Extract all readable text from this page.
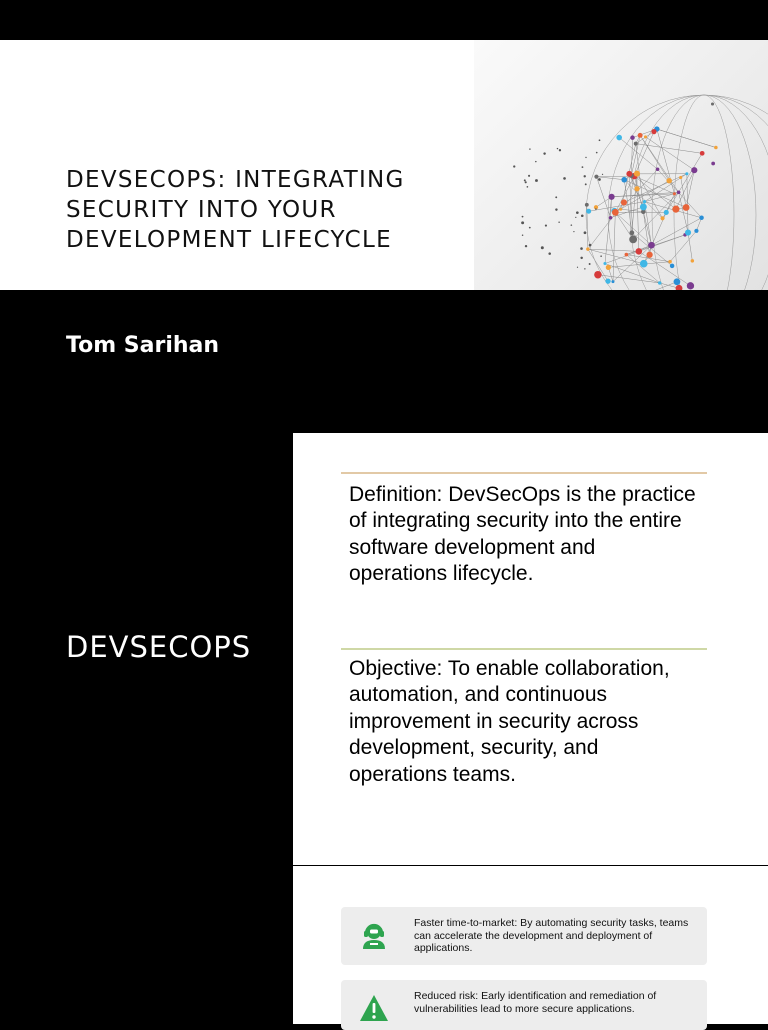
DEVSECOPS: INTEGRATING
SECURITY INTO YOUR
DEVELOPMENT LIFECYCLE
Tom Sarihan
DEVSECOPS
Definition: DevSecOps is the practice of integrating security into the entire software development and operations lifecycle.
Objective: To enable collaboration, automation, and continuous improvement in security across development, security, and operations teams.
Faster time-to-market: By automating security tasks, teams can accelerate the development and deployment of applications.
Reduced risk: Early identification and remediation of vulnerabilities lead to more secure applications.
